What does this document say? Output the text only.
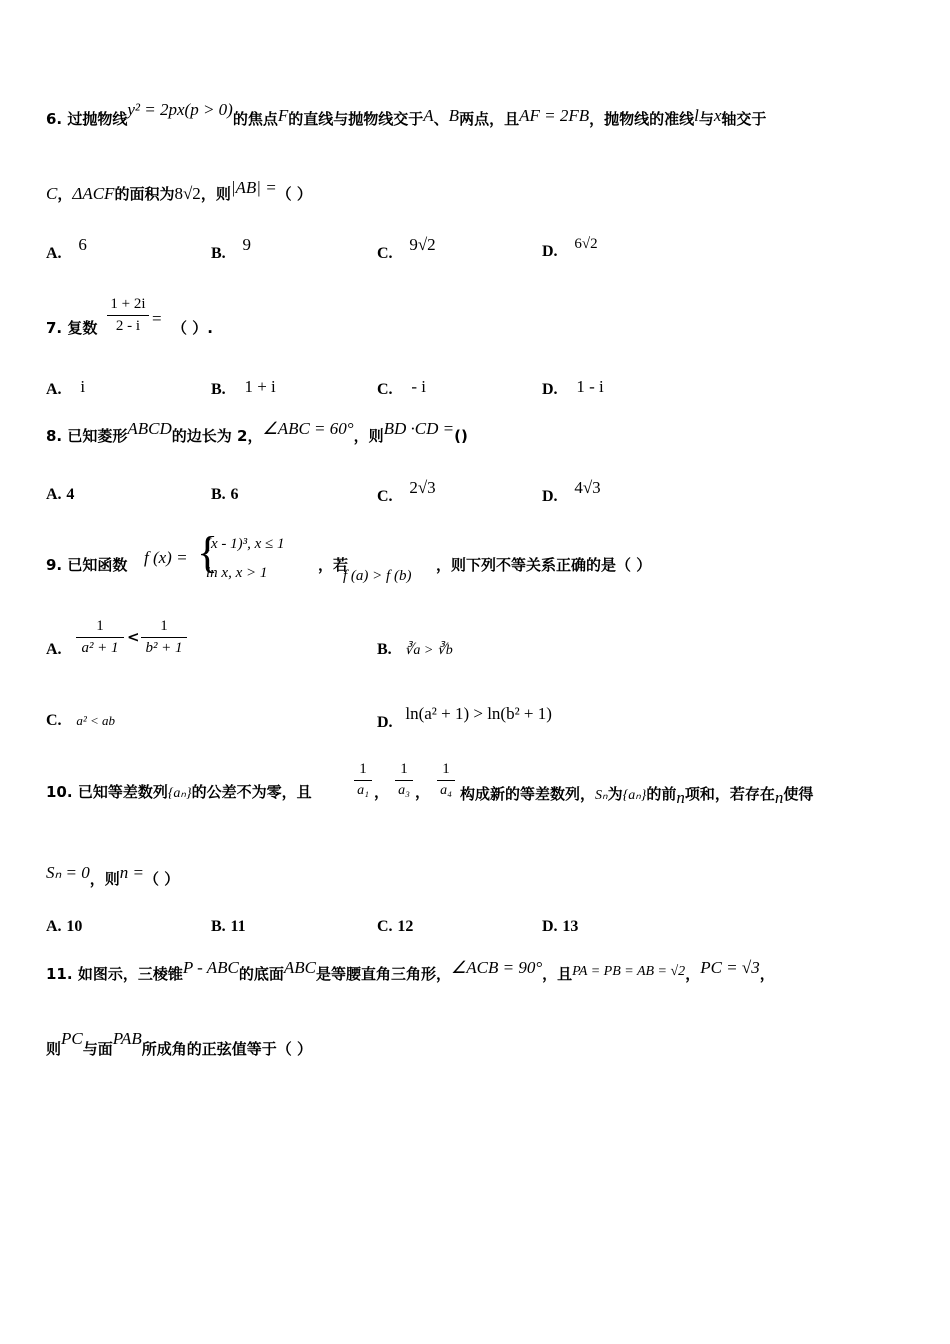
6. 过抛物线y² = 2px(p > 0)的焦点F的直线与抛物线交于A、B两点，且AF = 2FB，抛物线的准线l与x轴交于
C，ΔACF的面积为8√2，则|AB| =（ ）
A. 6	B. 9	C. 9√2	D. 6√2
7. 复数
1 + 2i
2 - i = （ ）.
A. i	B. 1 + i	C. - i	D. 1 - i
8. 已知菱形ABCD的边长为 2，∠ABC = 60°，则BD ·CD =()
A. 4	B. 6	C. 2√3	D. 4√3
9. 已知函数 f (x) = {
(x - 1)³, x ≤ 1
ln x, x > 1	，若
f (a) > f (b)
，则下列不等关系正确的是（ ）
A.
1
a² + 1
<
1
b² + 1	B. ∛a > ∛b
C. a² < ab	D. ln(a² + 1) > ln(b² + 1)
10. 已知等差数列{aₙ}的公差不为零，且
1
a₁ ，
1
a₃ ，
1
a₄ 构成新的等差数列，Sₙ为{aₙ}的前n项和，若存在n使得
Sₙ = 0，则n =（ ）
A. 10	B. 11	C. 12	D. 13
11. 如图示，三棱锥P - ABC的底面ABC是等腰直角三角形，∠ACB = 90°，且PA = PB = AB = √2，PC = √3，
则PC与面PAB所成角的正弦值等于（ ）
